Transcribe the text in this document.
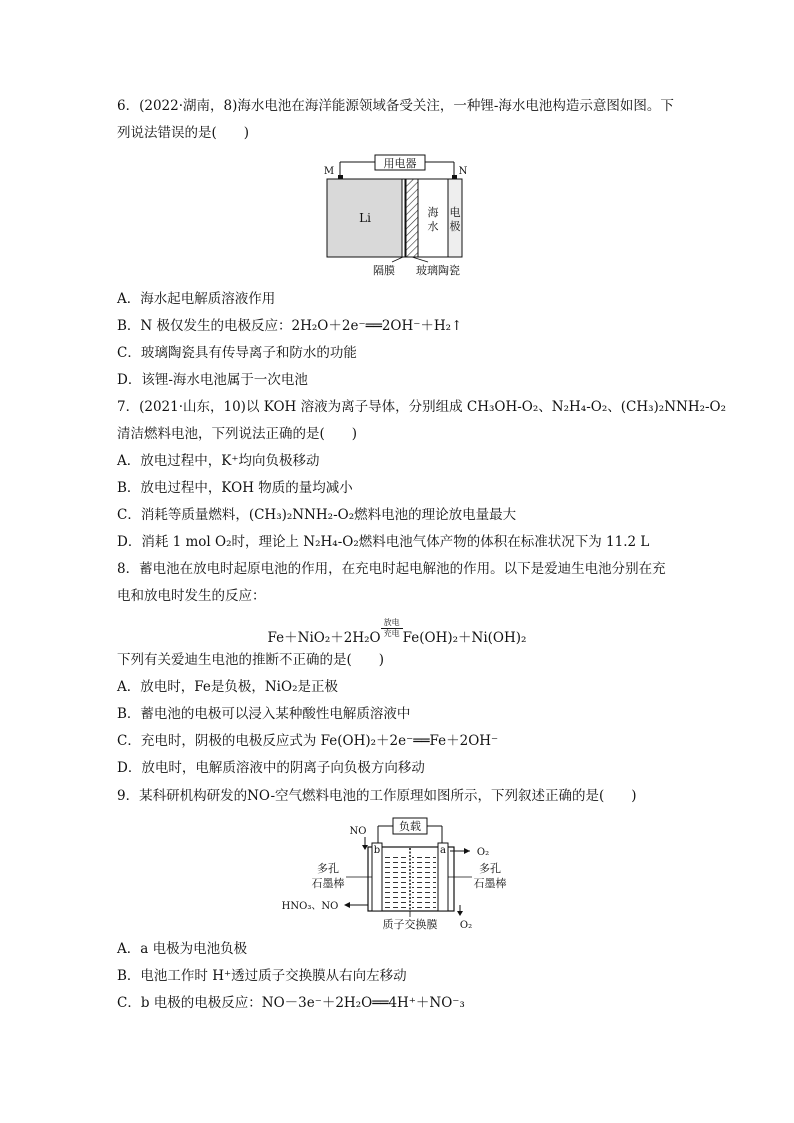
6．(2022·湖南，8)海水电池在海洋能源领域备受关注，一种锂-海水电池构造示意图如图。下
列说法错误的是(　　)
用电器
M	N
Li	海
水
电
极
隔膜 玻璃陶瓷
A．海水起电解质溶液作用
B．N 极仅发生的电极反应：2H₂O＋2e⁻══2OH⁻＋H₂↑
C．玻璃陶瓷具有传导离子和防水的功能
D．该锂-海水电池属于一次电池
7．(2021·山东，10)以 KOH 溶液为离子导体，分别组成 CH₃OH-O₂、N₂H₄-O₂、(CH₃)₂NNH₂-O₂
清洁燃料电池，下列说法正确的是(　　)
A．放电过程中，K⁺均向负极移动
B．放电过程中，KOH 物质的量均减小
C．消耗等质量燃料，(CH₃)₂NNH₂-O₂燃料电池的理论放电量最大
D．消耗 1 mol O₂时，理论上 N₂H₄-O₂燃料电池气体产物的体积在标准状况下为 11.2 L
8．蓄电池在放电时起原电池的作用，在充电时起电解池的作用。以下是爱迪生电池分别在充
电和放电时发生的反应：
Fe＋NiO₂＋2H₂O放电
充电 Fe(OH)₂＋Ni(OH)₂
下列有关爱迪生电池的推断不正确的是(　　)
A．放电时，Fe是负极，NiO₂是正极
B．蓄电池的电极可以浸入某种酸性电解质溶液中
C．充电时，阴极的电极反应式为 Fe(OH)₂＋2e⁻══Fe＋2OH⁻
D．放电时，电解质溶液中的阴离子向负极方向移动
9．某科研机构研发的NO-空气燃料电池的工作原理如图所示，下列叙述正确的是(　　)
负载
NO
b	a	O₂
多孔
石墨棒
多孔
石墨棒
HNO₃、NO
O₂
质子交换膜
A．a 电极为电池负极
B．电池工作时 H⁺透过质子交换膜从右向左移动
C．b 电极的电极反应：NO－3e⁻＋2H₂O══4H⁺＋NO⁻₃
